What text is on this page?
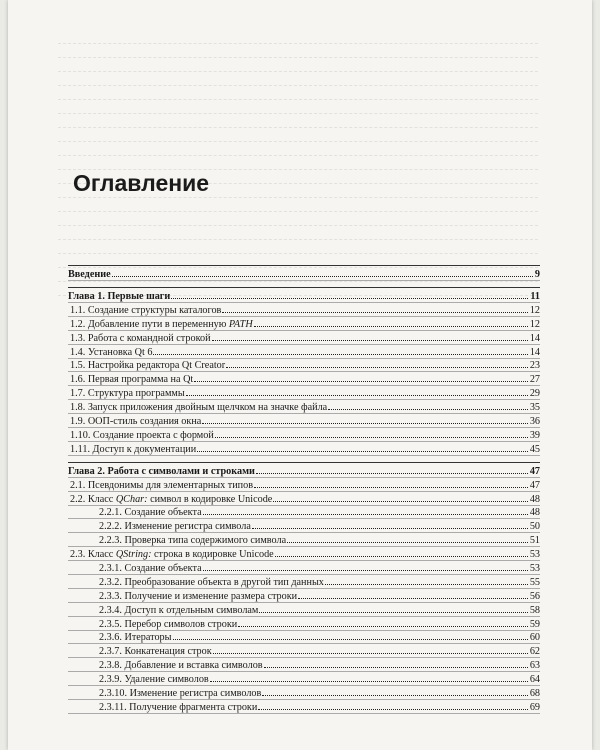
Оглавление
Введение	9
Глава 1. Первые шаги	11
1.1. Создание структуры каталогов	12
1.2. Добавление пути в переменную PATH	12
1.3. Работа с командной строкой	14
1.4. Установка Qt 6	14
1.5. Настройка редактора Qt Creator	23
1.6. Первая программа на Qt	27
1.7. Структура программы	29
1.8. Запуск приложения двойным щелчком на значке файла	35
1.9. ООП-стиль создания окна	36
1.10. Создание проекта с формой	39
1.11. Доступ к документации	45
Глава 2. Работа с символами и строками	47
2.1. Псевдонимы для элементарных типов	47
2.2. Класс QChar: символ в кодировке Unicode	48
2.2.1. Создание объекта	48
2.2.2. Изменение регистра символа	50
2.2.3. Проверка типа содержимого символа	51
2.3. Класс QString: строка в кодировке Unicode	53
2.3.1. Создание объекта	53
2.3.2. Преобразование объекта в другой тип данных	55
2.3.3. Получение и изменение размера строки	56
2.3.4. Доступ к отдельным символам	58
2.3.5. Перебор символов строки	59
2.3.6. Итераторы	60
2.3.7. Конкатенация строк	62
2.3.8. Добавление и вставка символов	63
2.3.9. Удаление символов	64
2.3.10. Изменение регистра символов	68
2.3.11. Получение фрагмента строки	69
